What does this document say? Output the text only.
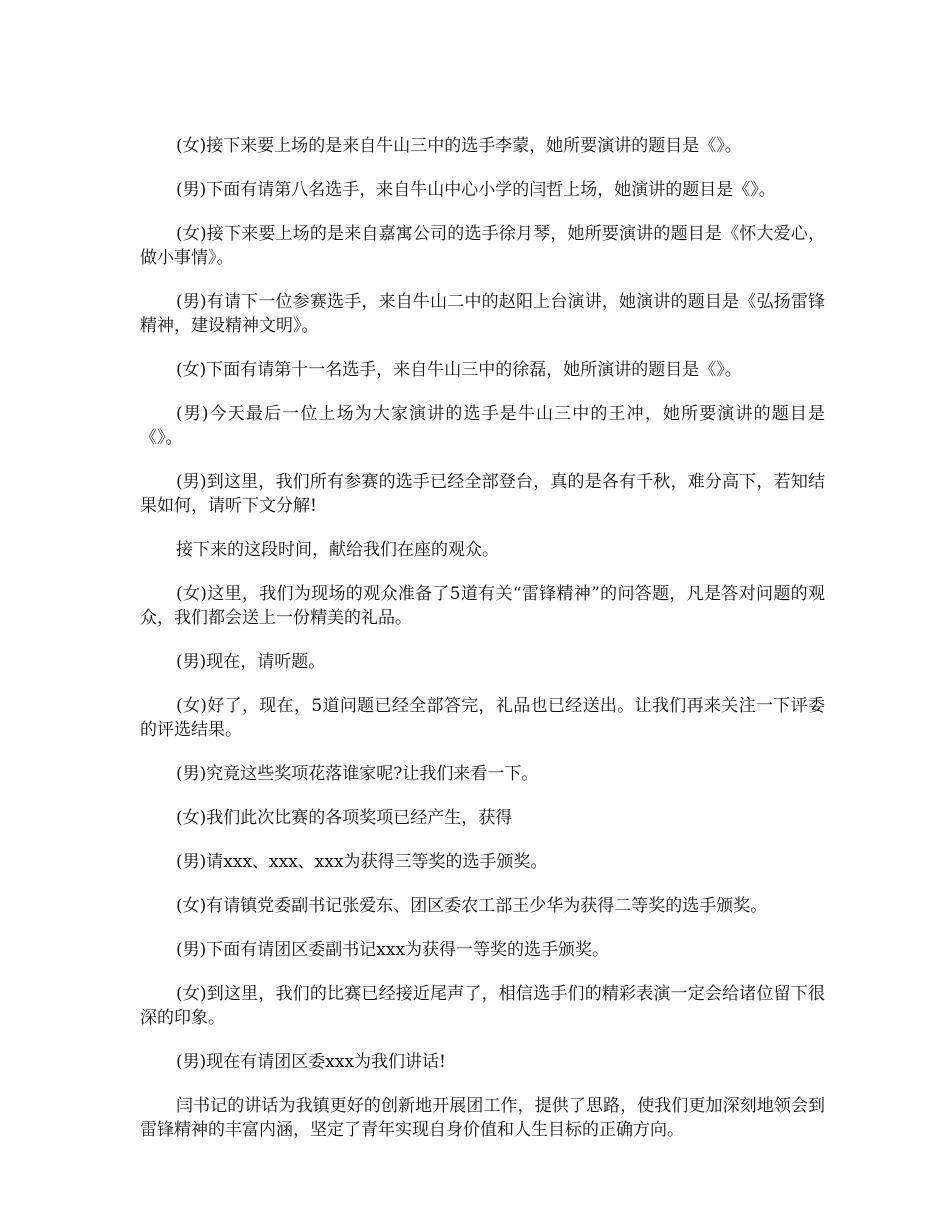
(女)接下来要上场的是来自牛山三中的选手李蒙，她所要演讲的题目是《》。

(男)下面有请第八名选手，来自牛山中心小学的闫哲上场，她演讲的题目是《》。

(女)接下来要上场的是来自嘉寓公司的选手徐月琴，她所要演讲的题目是《怀大爱心，做小事情》。

(男)有请下一位参赛选手，来自牛山二中的赵阳上台演讲，她演讲的题目是《弘扬雷锋精神，建设精神文明》。

(女)下面有请第十一名选手，来自牛山三中的徐磊，她所演讲的题目是《》。

(男)今天最后一位上场为大家演讲的选手是牛山三中的王冲，她所要演讲的题目是《》。

(男)到这里，我们所有参赛的选手已经全部登台，真的是各有千秋，难分高下，若知结果如何，请听下文分解!

接下来的这段时间，献给我们在座的观众。

(女)这里，我们为现场的观众准备了5道有关“雷锋精神”的问答题，凡是答对问题的观众，我们都会送上一份精美的礼品。

(男)现在，请听题。

(女)好了，现在，5道问题已经全部答完，礼品也已经送出。让我们再来关注一下评委的评选结果。

(男)究竟这些奖项花落谁家呢?让我们来看一下。

(女)我们此次比赛的各项奖项已经产生，获得

(男)请xxx、xxx、xxx为获得三等奖的选手颁奖。

(女)有请镇党委副书记张爱东、团区委农工部王少华为获得二等奖的选手颁奖。

(男)下面有请团区委副书记xxx为获得一等奖的选手颁奖。

(女)到这里，我们的比赛已经接近尾声了，相信选手们的精彩表演一定会给诸位留下很深的印象。

(男)现在有请团区委xxx为我们讲话!

闫书记的讲话为我镇更好的创新地开展团工作，提供了思路，使我们更加深刻地领会到雷锋精神的丰富内涵，坚定了青年实现自身价值和人生目标的正确方向。
